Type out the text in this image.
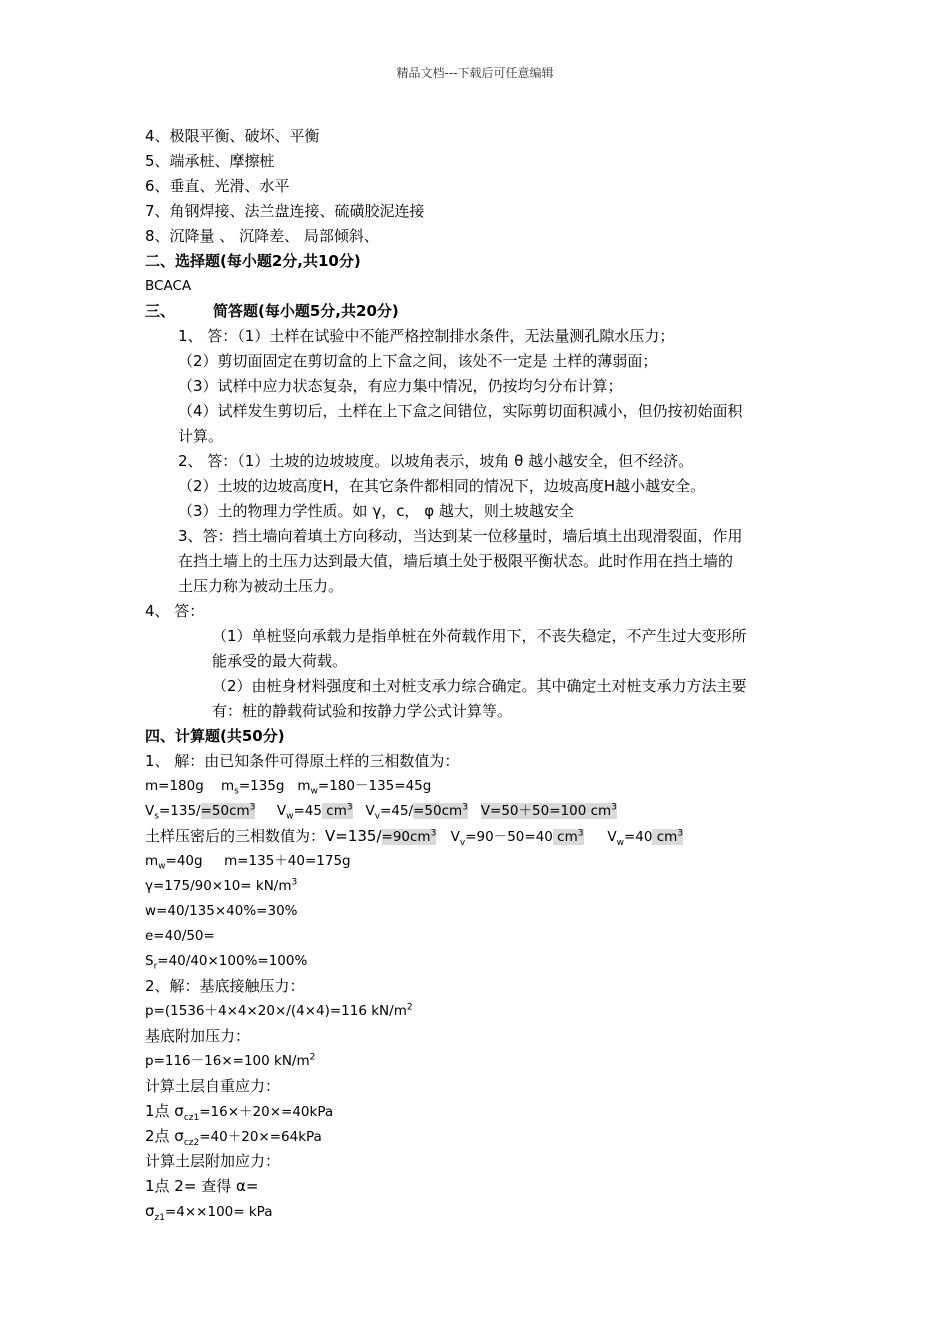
精品文档---下载后可任意编辑
4、极限平衡、破坏、平衡
5、端承桩、摩擦桩
6、垂直、光滑、水平
7、角钢焊接、法兰盘连接、硫磺胶泥连接
8、沉降量 、 沉降差、 局部倾斜、
二、选择题(每小题2分,共10分)
BCACA
三、	简答题(每小题5分,共20分)
1、 答：（1）土样在试验中不能严格控制排水条件，无法量测孔隙水压力；
（2）剪切面固定在剪切盒的上下盒之间，该处不一定是 土样的薄弱面；
（3）试样中应力状态复杂，有应力集中情况，仍按均匀分布计算；
（4）试样发生剪切后，土样在上下盒之间错位，实际剪切面积减小，但仍按初始面积
计算。
2、 答：（1）土坡的边坡坡度。以坡角表示，坡角 θ 越小越安全，但不经济。
（2）土坡的边坡高度H，在其它条件都相同的情况下，边坡高度H越小越安全。
（3）土的物理力学性质。如 γ，c， φ 越大，则土坡越安全
3、答：挡土墙向着填土方向移动，当达到某一位移量时，墙后填土出现滑裂面，作用
在挡土墙上的土压力达到最大值，墙后填土处于极限平衡状态。此时作用在挡土墙的
土压力称为被动土压力。
4、 答：
（1）单桩竖向承载力是指单桩在外荷载作用下，不丧失稳定，不产生过大变形所
能承受的最大荷载。
（2）由桩身材料强度和土对桩支承力综合确定。其中确定土对桩支承力方法主要
有：桩的静载荷试验和按静力学公式计算等。
四、计算题(共50分)
1、 解：由已知条件可得原土样的三相数值为：
m=180g $m_s=135g$ $m_w=180-135=45g$
$V_s=135/=50cm^3$ $V_w=45$ $cm^3$ $V_v=45/=50cm^3$ V=50＋50=100 $cm^3$
土样压密后的三相数值为：$V=135/=90cm^3$ $V_v=90-50=40$ $cm^3$ $V_w=40$ $cm^3$
$m_w=40g$ m=135＋40=175g
$\gamma=175/90\times 10= kN/m^3$
w=40/135×40%=30%
e=40/50=
$S_r=40/40\times 100\%=100\%$
2、解：基底接触压力：
p=(1536＋4×4×20×/(4×4)=116 $kN/m^2$
基底附加压力：
p=116－16×=100 $kN/m^2$
计算土层自重应力：
1点 $\sigma_{cz1}=16\times+20\times=40kPa$
2点 $\sigma_{cz2}=40+20\times=64kPa$
计算土层附加应力：
1点 2= 查得 α=
$\sigma_{z1}=4\times\times 100=$ kPa
